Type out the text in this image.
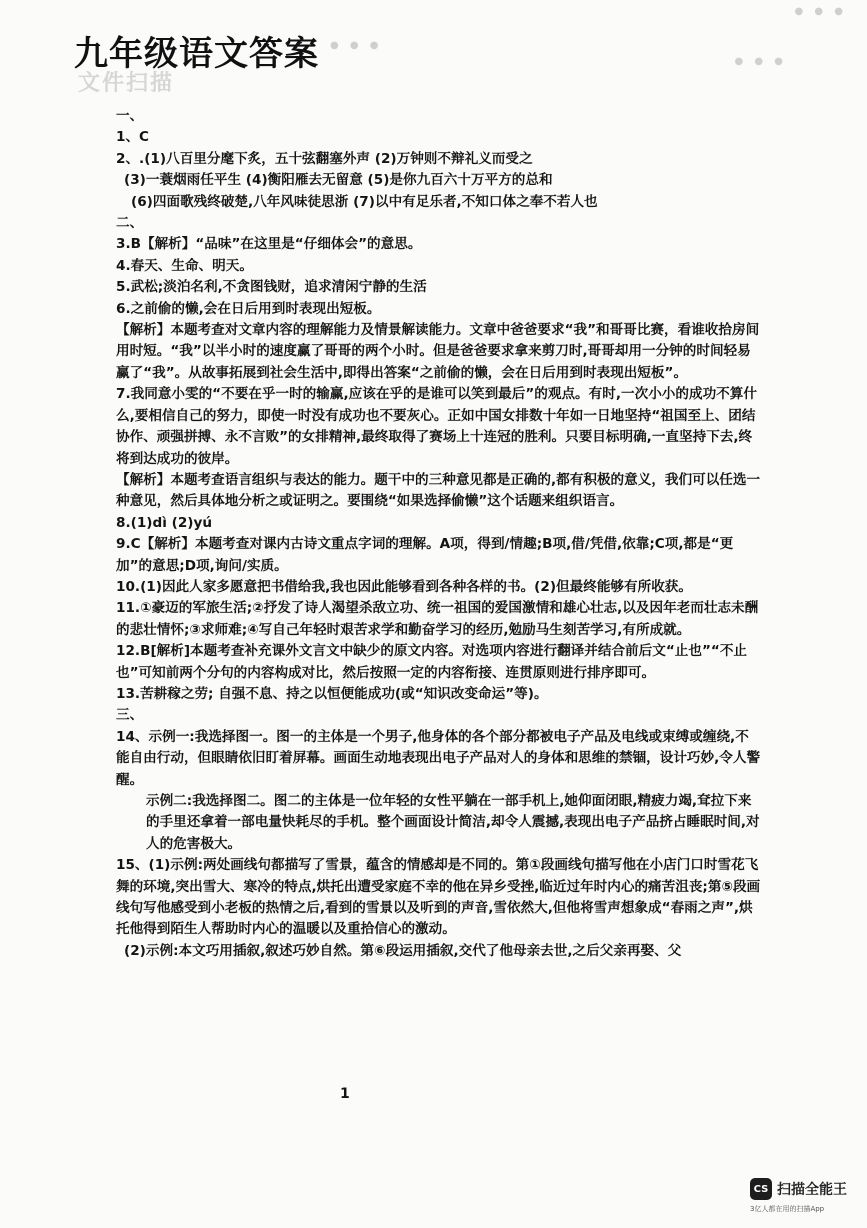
九年级语文答案
文件扫描
● ● ●
● ● ●
● ● ●

一、

1、C

2、.(1)八百里分麾下炙，五十弦翻塞外声 (2)万钟则不辩礼义而受之

(3)一蓑烟雨任平生 (4)衡阳雁去无留意 (5)是你九百六十万平方的总和

(6)四面歌残终破楚,八年风味徒思浙 (7)以中有足乐者,不知口体之奉不若人也

二、

3.B【解析】“品味”在这里是“仔细体会”的意思。

4.春天、生命、明天。

5.武松;淡泊名利,不贪图钱财，追求清闲宁静的生活

6.之前偷的懒,会在日后用到时表现出短板。

【解析】本题考查对文章内容的理解能力及情景解读能力。文章中爸爸要求“我”和哥哥比赛，看谁收拾房间用时短。“我”以半小时的速度赢了哥哥的两个小时。但是爸爸要求拿来剪刀时,哥哥却用一分钟的时间轻易赢了“我”。从故事拓展到社会生活中,即得出答案“之前偷的懒，会在日后用到时表现出短板”。

7.我同意小雯的“不要在乎一时的输赢,应该在乎的是谁可以笑到最后”的观点。有时,一次小小的成功不算什么,要相信自己的努力，即使一时没有成功也不要灰心。正如中国女排数十年如一日地坚持“祖国至上、团结协作、顽强拼搏、永不言败”的女排精神,最终取得了赛场上十连冠的胜利。只要目标明确,一直坚持下去,终将到达成功的彼岸。

【解析】本题考查语言组织与表达的能力。题干中的三种意见都是正确的,都有积极的意义，我们可以任选一种意见，然后具体地分析之或证明之。要围绕“如果选择偷懒”这个话题来组织语言。

8.(1)dì (2)yú

9.C【解析】本题考查对课内古诗文重点字词的理解。A项，得到/情趣;B项,借/凭借,依靠;C项,都是“更加”的意思;D项,询问/实质。

10.(1)因此人家多愿意把书借给我,我也因此能够看到各种各样的书。(2)但最终能够有所收获。

11.①豪迈的军旅生活;②抒发了诗人渴望杀敌立功、统一祖国的爱国激情和雄心壮志,以及因年老而壮志未酬的悲壮情怀;③求师难;④写自己年轻时艰苦求学和勤奋学习的经历,勉励马生刻苦学习,有所成就。

12.B[解析]本题考查补充课外文言文中缺少的原文内容。对选项内容进行翻译并结合前后文“止也”“不止也”可知前两个分句的内容构成对比，然后按照一定的内容衔接、连贯原则进行排序即可。

13.苦耕稼之劳; 自强不息、持之以恒便能成功(或“知识改变命运”等)。

三、

14、示例一:我选择图一。图一的主体是一个男子,他身体的各个部分都被电子产品及电线或束缚或缠绕,不能自由行动，但眼睛依旧盯着屏幕。画面生动地表现出电子产品对人的身体和思维的禁锢，设计巧妙,令人警醒。

示例二:我选择图二。图二的主体是一位年轻的女性平躺在一部手机上,她仰面闭眼,精疲力竭,耷拉下来的手里还拿着一部电量快耗尽的手机。整个画面设计简洁,却令人震撼,表现出电子产品挤占睡眠时间,对人的危害极大。

15、(1)示例:两处画线句都描写了雪景，蕴含的情感却是不同的。第①段画线句描写他在小店门口时雪花飞舞的环境,突出雪大、寒冷的特点,烘托出遭受家庭不幸的他在异乡受挫,临近过年时内心的痛苦沮丧;第⑤段画线句写他感受到小老板的热情之后,看到的雪景以及听到的声音,雪依然大,但他将雪声想象成“春雨之声”,烘托他得到陌生人帮助时内心的温暖以及重拾信心的激动。

(2)示例:本文巧用插叙,叙述巧妙自然。第⑥段运用插叙,交代了他母亲去世,之后父亲再娶、父

1
CS 扫描全能王
3亿人都在用的扫描App
